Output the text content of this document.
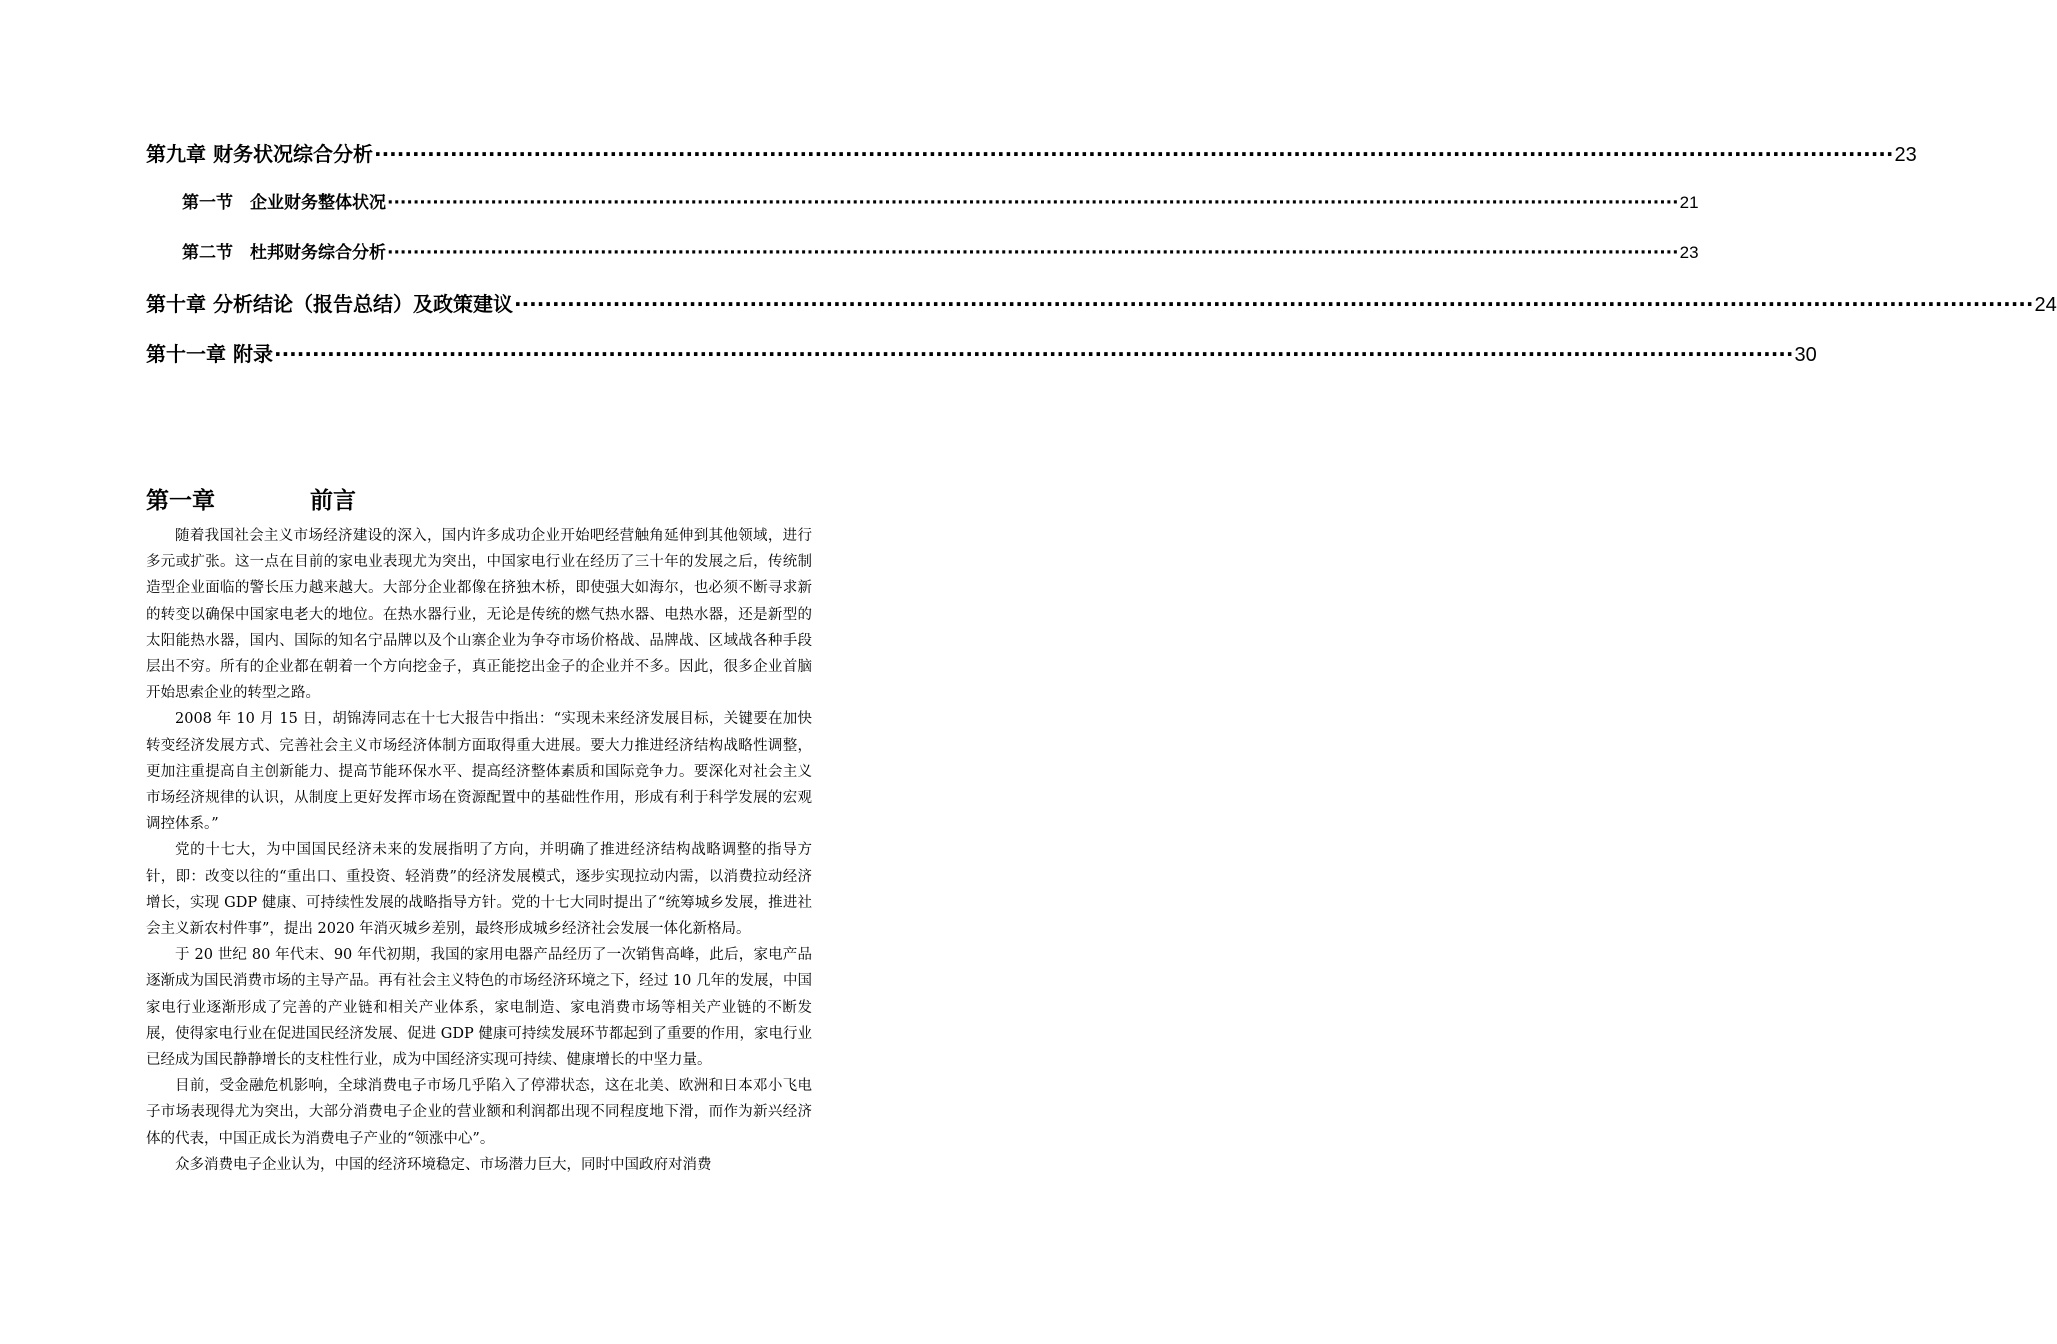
第九章 财务状况综合分析 ········································································································································································································ 23
第一节　企业财务整体状况 ········································································································································································································ 21
第二节　杜邦财务综合分析 ········································································································································································································ 23
第十章 分析结论（报告总结）及政策建议 ········································································································································································································ 24
第十一章 附录 ········································································································································································································ 30
第一章	前言

随着我国社会主义市场经济建设的深入，国内许多成功企业开始吧经营触角延伸到其他领域，进行多元或扩张。这一点在目前的家电业表现尤为突出，中国家电行业在经历了三十年的发展之后，传统制造型企业面临的警长压力越来越大。大部分企业都像在挤独木桥，即使强大如海尔，也必须不断寻求新的转变以确保中国家电老大的地位。在热水器行业，无论是传统的燃气热水器、电热水器，还是新型的太阳能热水器，国内、国际的知名宁品牌以及个山寨企业为争夺市场价格战、品牌战、区域战各种手段层出不穷。所有的企业都在朝着一个方向挖金子，真正能挖出金子的企业并不多。因此，很多企业首脑开始思索企业的转型之路。

2008 年 10 月 15 日，胡锦涛同志在十七大报告中指出：“实现未来经济发展目标，关键要在加快转变经济发展方式、完善社会主义市场经济体制方面取得重大进展。要大力推进经济结构战略性调整，更加注重提高自主创新能力、提高节能环保水平、提高经济整体素质和国际竞争力。要深化对社会主义市场经济规律的认识，从制度上更好发挥市场在资源配置中的基础性作用，形成有利于科学发展的宏观调控体系。”

党的十七大，为中国国民经济未来的发展指明了方向，并明确了推进经济结构战略调整的指导方针，即：改变以往的“重出口、重投资、轻消费”的经济发展模式，逐步实现拉动内需，以消费拉动经济增长，实现 GDP 健康、可持续性发展的战略指导方针。党的十七大同时提出了“统筹城乡发展，推进社会主义新农村件事”，提出 2020 年消灭城乡差别，最终形成城乡经济社会发展一体化新格局。

于 20 世纪 80 年代末、90 年代初期，我国的家用电器产品经历了一次销售高峰，此后，家电产品逐渐成为国民消费市场的主导产品。再有社会主义特色的市场经济环境之下，经过 10 几年的发展，中国家电行业逐渐形成了完善的产业链和相关产业体系，家电制造、家电消费市场等相关产业链的不断发展，使得家电行业在促进国民经济发展、促进 GDP 健康可持续发展环节都起到了重要的作用，家电行业已经成为国民静静增长的支柱性行业，成为中国经济实现可持续、健康增长的中坚力量。

目前，受金融危机影响，全球消费电子市场几乎陷入了停滞状态，这在北美、欧洲和日本邓小飞电子市场表现得尤为突出，大部分消费电子企业的营业额和利润都出现不同程度地下滑，而作为新兴经济体的代表，中国正成长为消费电子产业的“领涨中心”。

众多消费电子企业认为，中国的经济环境稳定、市场潜力巨大，同时中国政府对消费
